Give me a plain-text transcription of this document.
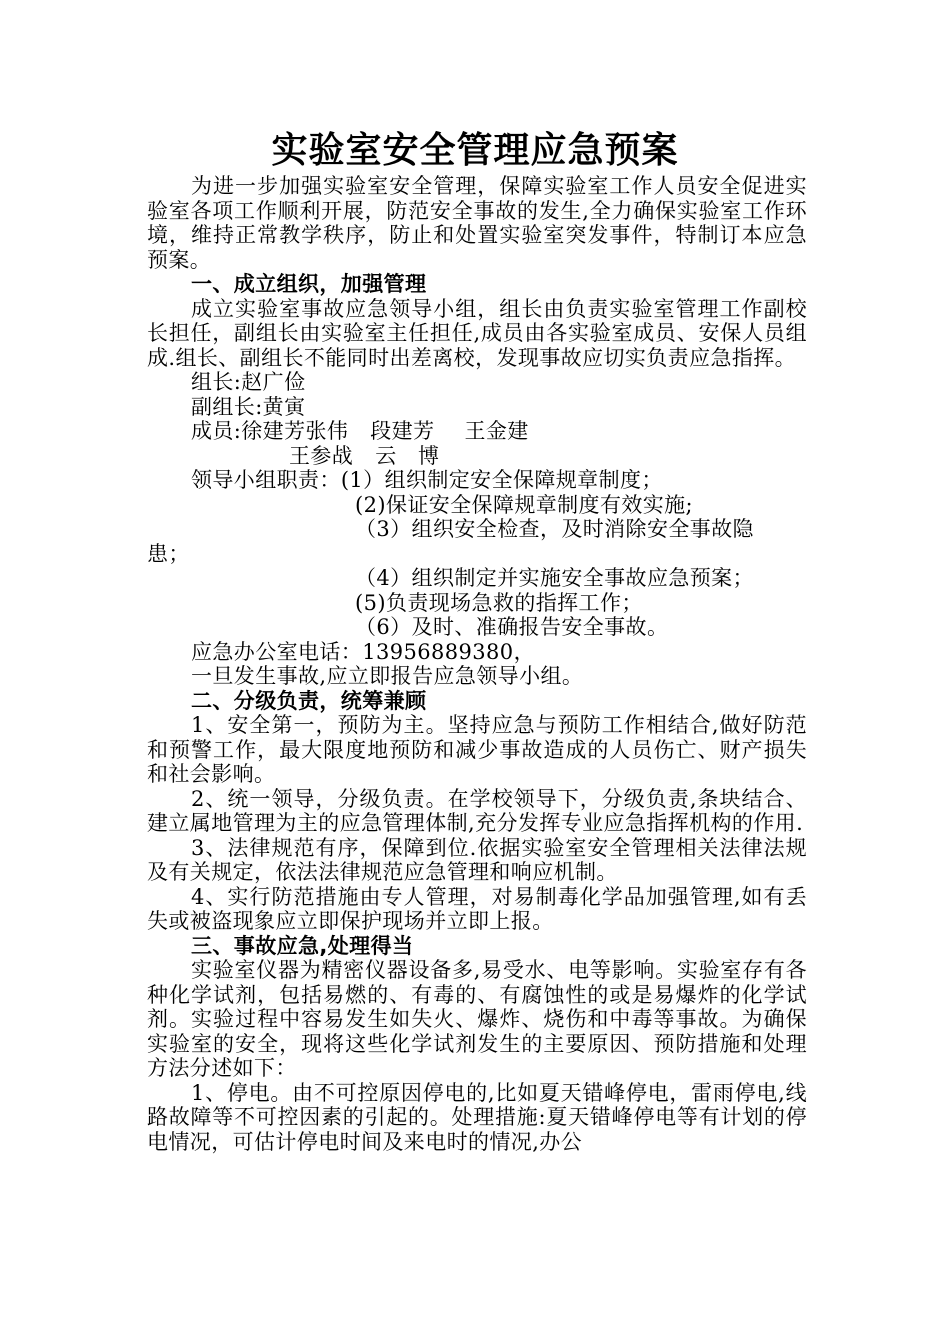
实验室安全管理应急预案

为进一步加强实验室安全管理，保障实验室工作人员安全促进实验室各项工作顺利开展，防范安全事故的发生,全力确保实验室工作环境，维持正常教学秩序，防止和处置实验室突发事件，特制订本应急预案。

一、成立组织，加强管理

成立实验室事故应急领导小组，组长由负责实验室管理工作副校长担任，副组长由实验室主任担任,成员由各实验室成员、安保人员组成.组长、副组长不能同时出差离校，发现事故应切实负责应急指挥。

组长:赵广俭

副组长:黄寅

成员:徐建芳张伟 段建芳 王金建

王参战 云　博

领导小组职责：(1）组织制定安全保障规章制度；

(2)保证安全保障规章制度有效实施;

（3）组织安全检查，及时消除安全事故隐

患；

（4）组织制定并实施安全事故应急预案；

(5)负责现场急救的指挥工作；

（6）及时、准确报告安全事故。

应急办公室电话：13956889380，

一旦发生事故,应立即报告应急领导小组。

二、分级负责，统筹兼顾

1、安全第一，预防为主。坚持应急与预防工作相结合,做好防范和预警工作，最大限度地预防和减少事故造成的人员伤亡、财产损失和社会影响。

2、统一领导，分级负责。在学校领导下，分级负责,条块结合、建立属地管理为主的应急管理体制,充分发挥专业应急指挥机构的作用.

3、法律规范有序，保障到位.依据实验室安全管理相关法律法规及有关规定，依法法律规范应急管理和响应机制。

4、实行防范措施由专人管理，对易制毒化学品加强管理,如有丢失或被盗现象应立即保护现场并立即上报。

三、事故应急,处理得当

实验室仪器为精密仪器设备多,易受水、电等影响。实验室存有各种化学试剂，包括易燃的、有毒的、有腐蚀性的或是易爆炸的化学试剂。实验过程中容易发生如失火、爆炸、烧伤和中毒等事故。为确保实验室的安全，现将这些化学试剂发生的主要原因、预防措施和处理方法分述如下：

1、停电。由不可控原因停电的,比如夏天错峰停电，雷雨停电,线路故障等不可控因素的引起的。处理措施:夏天错峰停电等有计划的停电情况，可估计停电时间及来电时的情况,办公
